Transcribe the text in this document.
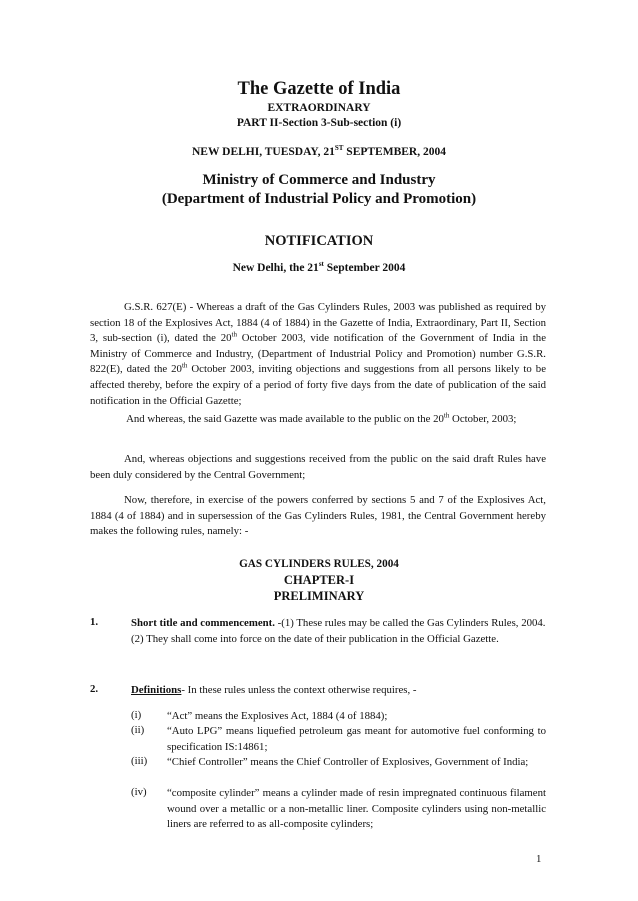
The Gazette of India
EXTRAORDINARY
PART II-Section 3-Sub-section (i)
NEW DELHI, TUESDAY, 21ST SEPTEMBER, 2004
Ministry of Commerce and Industry
(Department of Industrial Policy and Promotion)
NOTIFICATION
New Delhi, the 21st September 2004
G.S.R. 627(E) - Whereas a draft of the Gas Cylinders Rules, 2003 was published as required by section 18 of the Explosives Act, 1884 (4 of 1884) in the Gazette of India, Extraordinary, Part II, Section 3, sub-section (i), dated the 20th October 2003, vide notification of the Government of India in the Ministry of Commerce and Industry, (Department of Industrial Policy and Promotion) number G.S.R. 822(E), dated the 20th October 2003, inviting objections and suggestions from all persons likely to be affected thereby, before the expiry of a period of forty five days from the date of publication of the said notification in the Official Gazette;
And whereas, the said Gazette was made available to the public on the 20th October, 2003;
And, whereas objections and suggestions received from the public on the said draft Rules have been duly considered by the Central Government;
Now, therefore, in exercise of the powers conferred by sections 5 and 7 of the Explosives Act, 1884 (4 of 1884) and in supersession of the Gas Cylinders Rules, 1981, the Central Government hereby makes the following rules, namely: -
GAS CYLINDERS RULES, 2004
CHAPTER-I
PRELIMINARY
1.	Short title and commencement. -(1) These rules may be called the Gas Cylinders Rules, 2004.
(2) They shall come into force on the date of their publication in the Official Gazette.
2.	Definitions- In these rules unless the context otherwise requires, -
(i) “Act” means the Explosives Act, 1884 (4 of 1884);
(ii) “Auto LPG” means liquefied petroleum gas meant for automotive fuel conforming to specification IS:14861;
(iii) “Chief Controller” means the Chief Controller of Explosives, Government of India;
(iv) “composite cylinder” means a cylinder made of resin impregnated continuous filament wound over a metallic or a non-metallic liner. Composite cylinders using non-metallic liners are referred to as all-composite cylinders;
1
